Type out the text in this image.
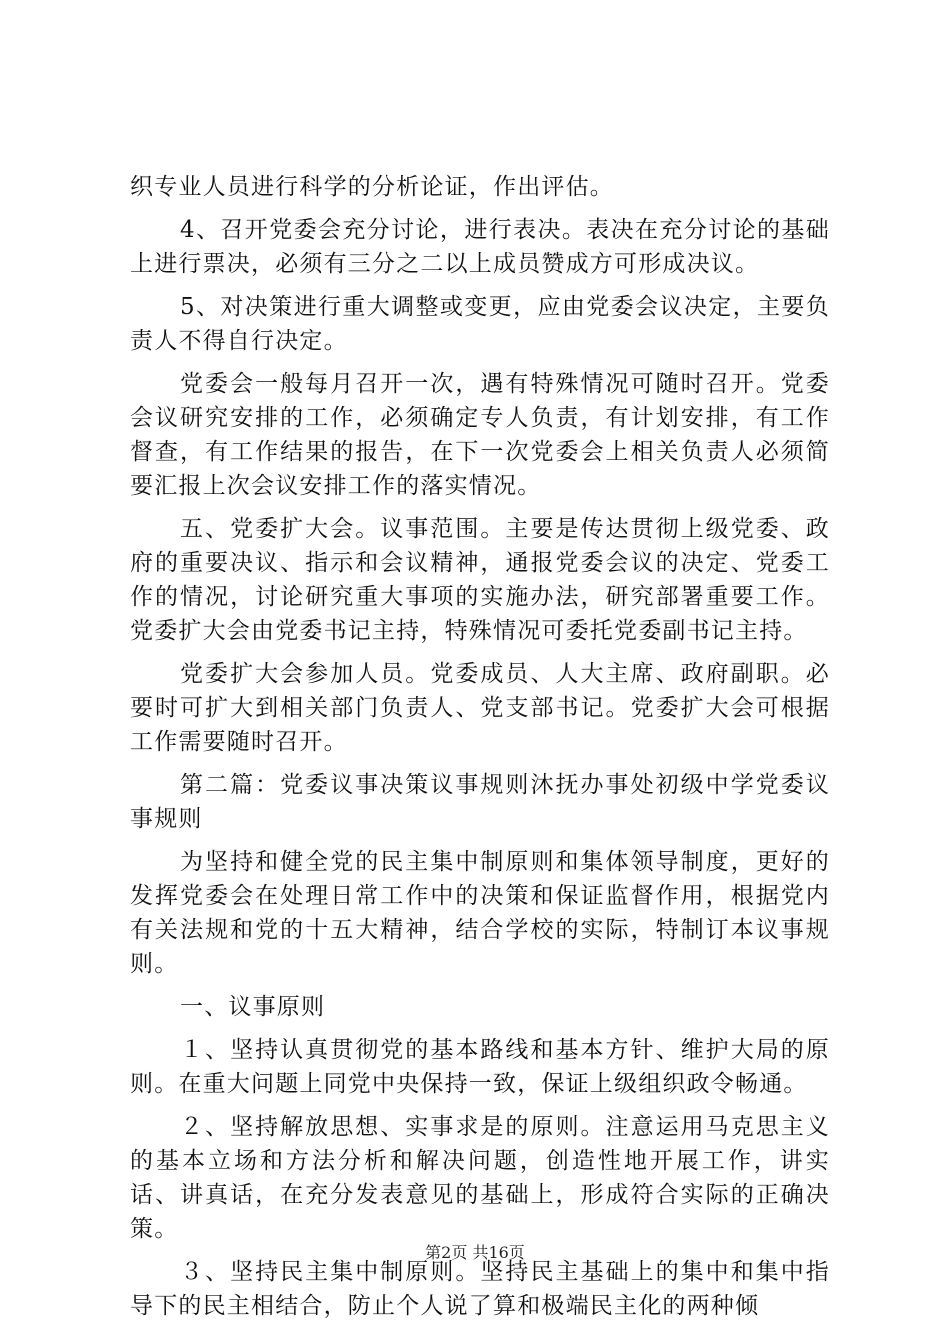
织专业人员进行科学的分析论证，作出评估。

4、召开党委会充分讨论，进行表决。表决在充分讨论的基础上进行票决，必须有三分之二以上成员赞成方可形成决议。

5、对决策进行重大调整或变更，应由党委会议决定，主要负责人不得自行决定。

党委会一般每月召开一次，遇有特殊情况可随时召开。党委会议研究安排的工作，必须确定专人负责，有计划安排，有工作督查，有工作结果的报告，在下一次党委会上相关负责人必须简要汇报上次会议安排工作的落实情况。

五、党委扩大会。议事范围。主要是传达贯彻上级党委、政府的重要决议、指示和会议精神，通报党委会议的决定、党委工作的情况，讨论研究重大事项的实施办法，研究部署重要工作。党委扩大会由党委书记主持，特殊情况可委托党委副书记主持。

党委扩大会参加人员。党委成员、人大主席、政府副职。必要时可扩大到相关部门负责人、党支部书记。党委扩大会可根据工作需要随时召开。

第二篇：党委议事决策议事规则沐抚办事处初级中学党委议事规则

为坚持和健全党的民主集中制原则和集体领导制度，更好的发挥党委会在处理日常工作中的决策和保证监督作用，根据党内有关法规和党的十五大精神，结合学校的实际，特制订本议事规则。

一、议事原则

１、坚持认真贯彻党的基本路线和基本方针、维护大局的原则。在重大问题上同党中央保持一致，保证上级组织政令畅通。

２、坚持解放思想、实事求是的原则。注意运用马克思主义的基本立场和方法分析和解决问题，创造性地开展工作，讲实话、讲真话，在充分发表意见的基础上，形成符合实际的正确决策。

３、坚持民主集中制原则。坚持民主基础上的集中和集中指导下的民主相结合，防止个人说了算和极端民主化的两种倾

第2页 共16页
